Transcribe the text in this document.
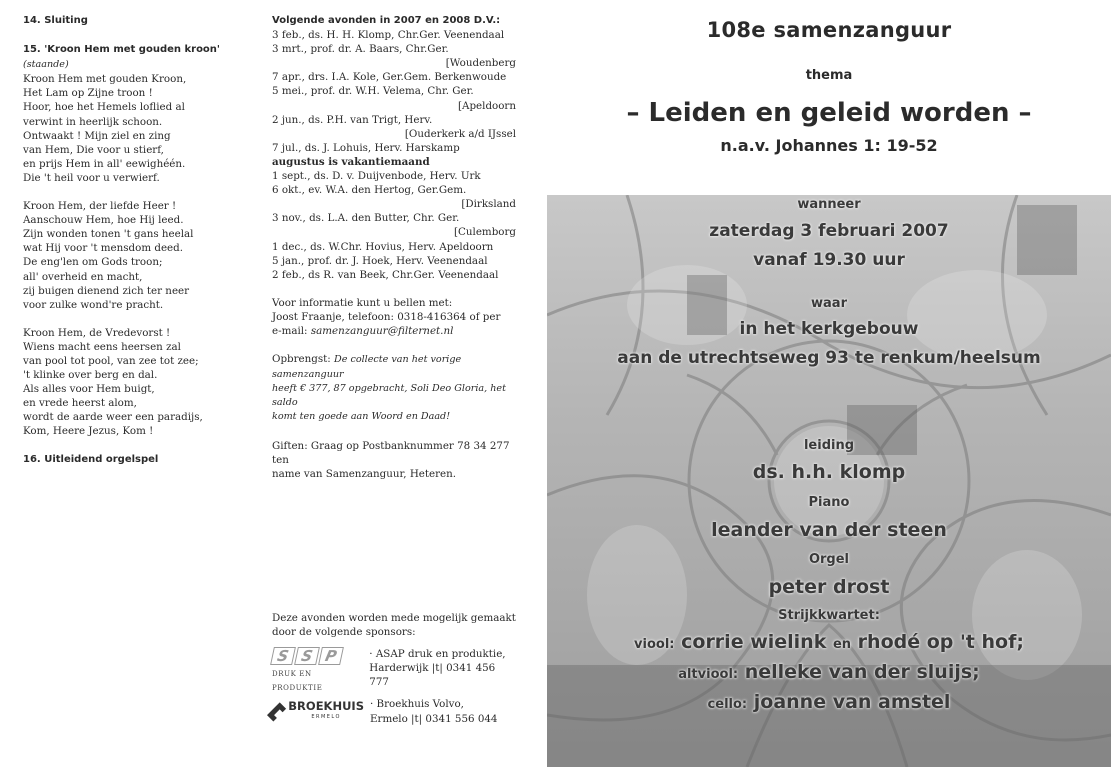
14. Sluiting
15. 'Kroon Hem met gouden kroon' (staande)
Kroon Hem met gouden Kroon,
Het Lam op Zijne troon !
Hoor, hoe het Hemels loflied al
verwint in heerlijk schoon.
Ontwaakt ! Mijn ziel en zing
van Hem, Die voor u stierf,
en prijs Hem in all' eewighéén.
Die 't heil voor u verwierf.
Kroon Hem, der liefde Heer !
Aanschouw Hem, hoe Hij leed.
Zijn wonden tonen 't gans heelal
wat Hij voor 't mensdom deed.
De eng'len om Gods troon;
all' overheid en macht,
zij buigen dienend zich ter neer
voor zulke wond're pracht.
Kroon Hem, de Vredevorst !
Wiens macht eens heersen zal
van pool tot pool, van zee tot zee;
't klinke over berg en dal.
Als alles voor Hem buigt,
en vrede heerst alom,
wordt de aarde weer een paradijs,
Kom, Heere Jezus, Kom !
16. Uitleidend orgelspel
Volgende avonden in 2007 en 2008 D.V.:
3 feb., ds. H. H. Klomp, Chr.Ger. Veenendaal
3 mrt., prof. dr. A. Baars, Chr.Ger.
[Woudenberg
7 apr., drs. I.A. Kole, Ger.Gem. Berkenwoude
5 mei., prof. dr. W.H. Velema, Chr. Ger.
[Apeldoorn
2 jun., ds. P.H. van Trigt, Herv.
[Ouderkerk a/d IJssel
7 jul., ds. J. Lohuis, Herv. Harskamp
augustus is vakantiemaand
1 sept., ds. D. v. Duijvenbode, Herv. Urk
6 okt., ev. W.A. den Hertog, Ger.Gem.
[Dirksland
3 nov., ds. L.A. den Butter, Chr. Ger.
[Culemborg
1 dec., ds. W.Chr. Hovius, Herv. Apeldoorn
5 jan., prof. dr. J. Hoek, Herv. Veenendaal
2 feb., ds R. van Beek, Chr.Ger. Veenendaal
Voor informatie kunt u bellen met:
Joost Fraanje, telefoon: 0318-416364 of per
e-mail: samenzanguur@filternet.nl
Opbrengst: De collecte van het vorige samenzanguur
heeft € 377, 87 opgebracht, Soli Deo Gloria, het saldo
komt ten goede aan Woord en Daad!
Giften: Graag op Postbanknummer 78 34 277 ten
name van Samenzanguur, Heteren.
Deze avonden worden mede mogelijk gemaakt
door de volgende sponsors:
S S P
DRUK EN PRODUKTIE
· ASAP druk en produktie,
Harderwijk |t| 0341 456 777
BROEKHUIS
ERMELO
· Broekhuis Volvo,
Ermelo |t| 0341 556 044
108e samenzanguur
thema
– Leiden en geleid worden –
n.a.v. Johannes 1: 19-52
wanneer
zaterdag 3 februari 2007
vanaf 19.30 uur
waar
in het kerkgebouw
aan de utrechtseweg 93 te renkum/heelsum
leiding
ds. h.h. klomp
Piano
leander van der steen
Orgel
peter drost
Strijkkwartet:
viool: corrie wielink en rhodé op 't hof;
altviool: nelleke van der sluijs;
cello: joanne van amstel
